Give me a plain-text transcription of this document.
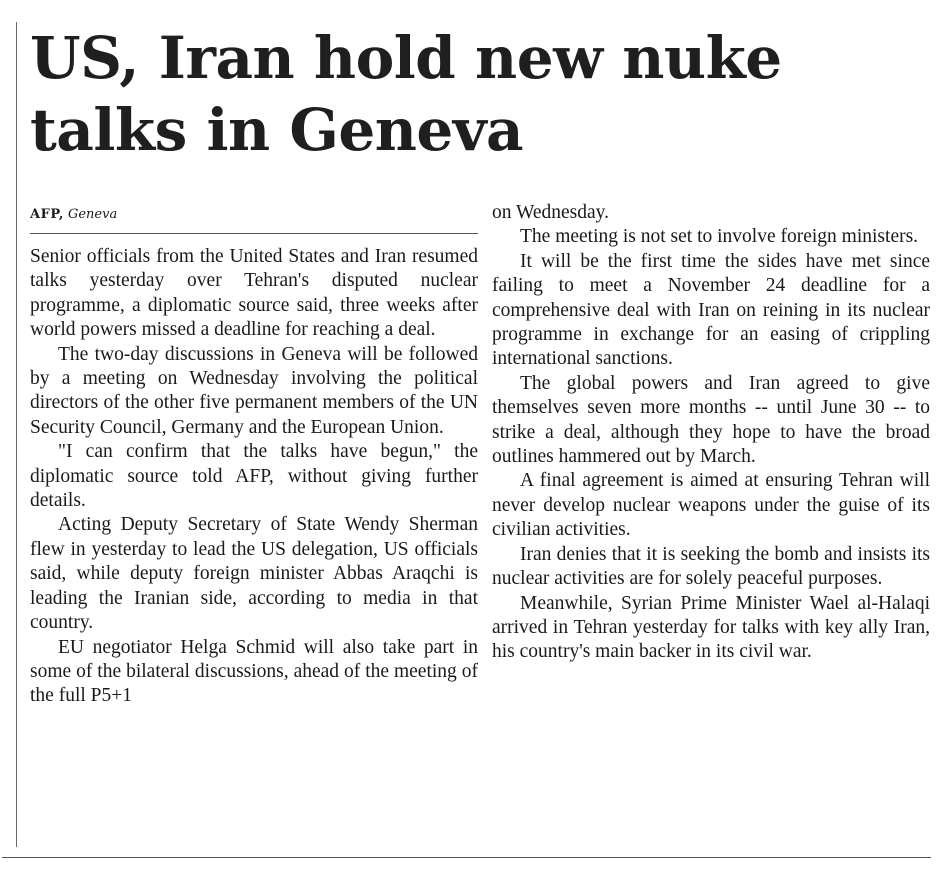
US, Iran hold new nuke talks in Geneva
AFP, Geneva

Senior officials from the United States and Iran resumed talks yesterday over Tehran's disputed nuclear programme, a diplomatic source said, three weeks after world powers missed a deadline for reaching a deal.

The two-day discussions in Geneva will be followed by a meeting on Wednesday involving the political directors of the other five permanent members of the UN Security Council, Germany and the European Union.

"I can confirm that the talks have begun," the diplomatic source told AFP, without giving further details.

Acting Deputy Secretary of State Wendy Sherman flew in yesterday to lead the US delegation, US officials said, while deputy foreign minister Abbas Araqchi is leading the Iranian side, according to media in that country.

EU negotiator Helga Schmid will also take part in some of the bilateral discussions, ahead of the meeting of the full P5+1

on Wednesday.

The meeting is not set to involve foreign ministers.

It will be the first time the sides have met since failing to meet a November 24 deadline for a comprehensive deal with Iran on reining in its nuclear programme in exchange for an easing of crippling international sanctions.

The global powers and Iran agreed to give themselves seven more months -- until June 30 -- to strike a deal, although they hope to have the broad outlines hammered out by March.

A final agreement is aimed at ensuring Tehran will never develop nuclear weapons under the guise of its civilian activities.

Iran denies that it is seeking the bomb and insists its nuclear activities are for solely peaceful purposes.

Meanwhile, Syrian Prime Minister Wael al-Halaqi arrived in Tehran yesterday for talks with key ally Iran, his country's main backer in its civil war.
